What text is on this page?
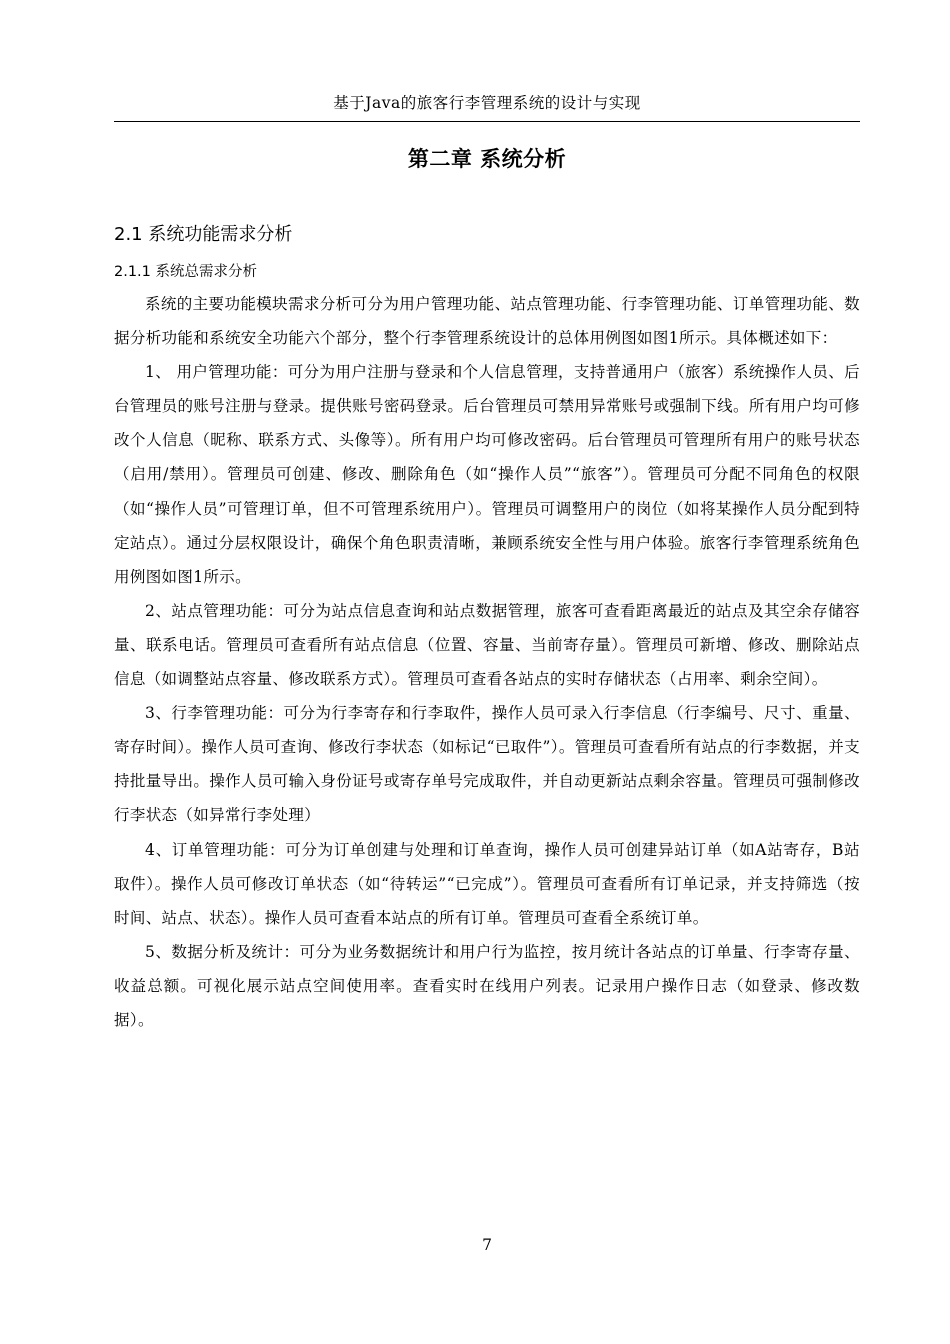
基于Java的旅客行李管理系统的设计与实现
第二章 系统分析
2.1 系统功能需求分析
2.1.1 系统总需求分析

系统的主要功能模块需求分析可分为用户管理功能、站点管理功能、行李管理功能、订单管理功能、数据分析功能和系统安全功能六个部分，整个行李管理系统设计的总体用例图如图1所示。具体概述如下：

1、 用户管理功能：可分为用户注册与登录和个人信息管理，支持普通用户（旅客）系统操作人员、后台管理员的账号注册与登录。提供账号密码登录。后台管理员可禁用异常账号或强制下线。所有用户均可修改个人信息（昵称、联系方式、头像等）。所有用户均可修改密码。后台管理员可管理所有用户的账号状态（启用/禁用）。管理员可创建、修改、删除角色（如“操作人员”“旅客”）。管理员可分配不同角色的权限（如“操作人员”可管理订单，但不可管理系统用户）。管理员可调整用户的岗位（如将某操作人员分配到特定站点）。通过分层权限设计，确保个角色职责清晰，兼顾系统安全性与用户体验。旅客行李管理系统角色用例图如图1所示。

2、站点管理功能：可分为站点信息查询和站点数据管理，旅客可查看距离最近的站点及其空余存储容量、联系电话。管理员可查看所有站点信息（位置、容量、当前寄存量）。管理员可新增、修改、删除站点信息（如调整站点容量、修改联系方式）。管理员可查看各站点的实时存储状态（占用率、剩余空间）。

3、行李管理功能：可分为行李寄存和行李取件，操作人员可录入行李信息（行李编号、尺寸、重量、寄存时间）。操作人员可查询、修改行李状态（如标记“已取件”）。管理员可查看所有站点的行李数据，并支持批量导出。操作人员可输入身份证号或寄存单号完成取件，并自动更新站点剩余容量。管理员可强制修改行李状态（如异常行李处理）

4、订单管理功能：可分为订单创建与处理和订单查询，操作人员可创建异站订单（如A站寄存，B站取件）。操作人员可修改订单状态（如“待转运”“已完成”）。管理员可查看所有订单记录，并支持筛选（按时间、站点、状态）。操作人员可查看本站点的所有订单。管理员可查看全系统订单。

5、数据分析及统计：可分为业务数据统计和用户行为监控，按月统计各站点的订单量、行李寄存量、收益总额。可视化展示站点空间使用率。查看实时在线用户列表。记录用户操作日志（如登录、修改数据）。

7
